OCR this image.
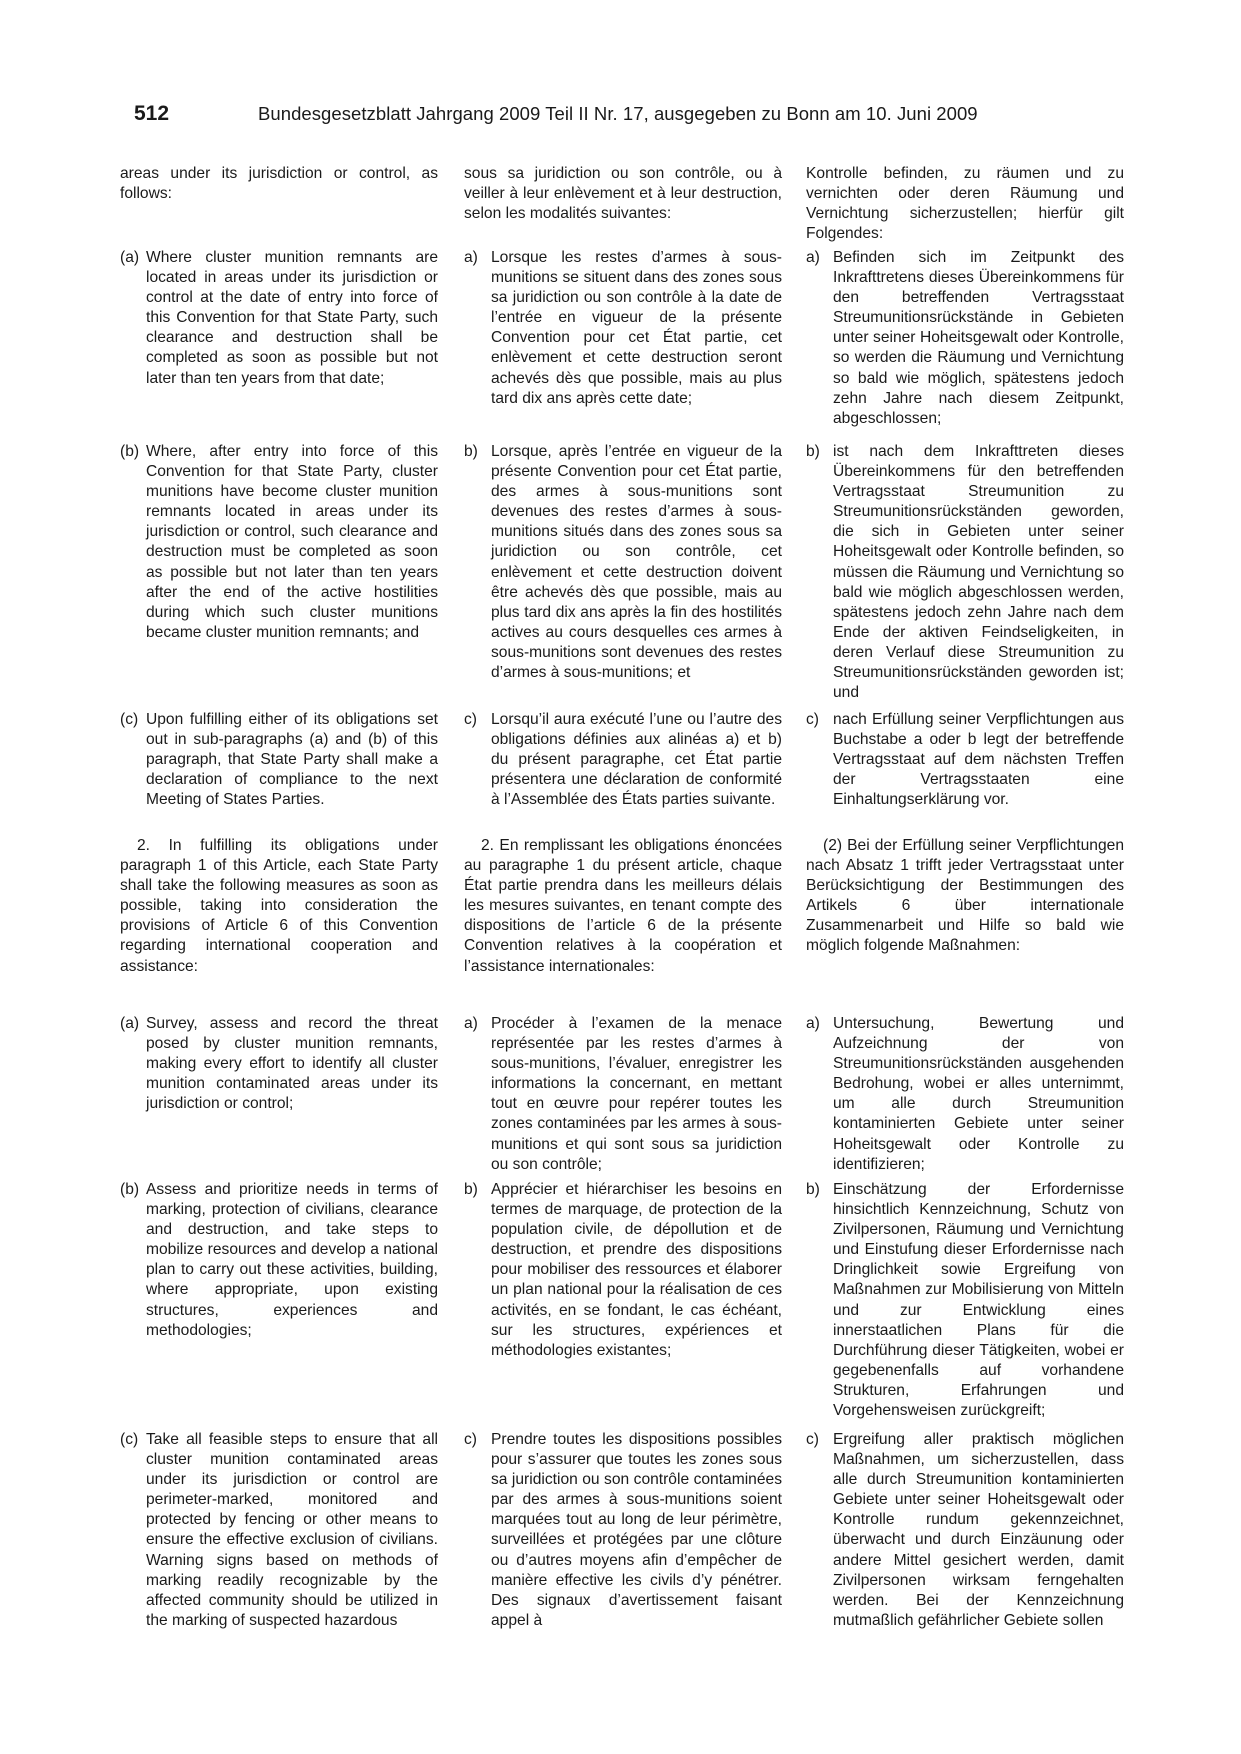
512	Bundesgesetzblatt Jahrgang 2009 Teil II Nr. 17, ausgegeben zu Bonn am 10. Juni 2009
areas under its jurisdiction or control, as follows:
(a) Where cluster munition remnants are located in areas under its jurisdiction or control at the date of entry into force of this Convention for that State Party, such clearance and destruction shall be completed as soon as possible but not later than ten years from that date;
(b) Where, after entry into force of this Convention for that State Party, cluster munitions have become cluster munition remnants located in areas under its jurisdiction or control, such clearance and destruction must be completed as soon as possible but not later than ten years after the end of the active hostilities during which such cluster munitions became cluster munition remnants; and
(c) Upon fulfilling either of its obligations set out in sub-paragraphs (a) and (b) of this paragraph, that State Party shall make a declaration of compliance to the next Meeting of States Parties.
2. In fulfilling its obligations under paragraph 1 of this Article, each State Party shall take the following measures as soon as possible, taking into consideration the provisions of Article 6 of this Convention regarding international cooperation and assistance:
(a) Survey, assess and record the threat posed by cluster munition remnants, making every effort to identify all cluster munition contaminated areas under its jurisdiction or control;
(b) Assess and prioritize needs in terms of marking, protection of civilians, clearance and destruction, and take steps to mobilize resources and develop a national plan to carry out these activities, building, where appropriate, upon existing structures, experiences and methodologies;
(c) Take all feasible steps to ensure that all cluster munition contaminated areas under its jurisdiction or control are perimeter-marked, monitored and protected by fencing or other means to ensure the effective exclusion of civilians. Warning signs based on methods of marking readily recognizable by the affected community should be utilized in the marking of suspected hazardous
sous sa juridiction ou son contrôle, ou à veiller à leur enlèvement et à leur destruction, selon les modalités suivantes:
a) Lorsque les restes d’armes à sous-munitions se situent dans des zones sous sa juridiction ou son contrôle à la date de l’entrée en vigueur de la présente Convention pour cet État partie, cet enlèvement et cette destruction seront achevés dès que possible, mais au plus tard dix ans après cette date;
b) Lorsque, après l’entrée en vigueur de la présente Convention pour cet État partie, des armes à sous-munitions sont devenues des restes d’armes à sous-munitions situés dans des zones sous sa juridiction ou son contrôle, cet enlèvement et cette destruction doivent être achevés dès que possible, mais au plus tard dix ans après la fin des hostilités actives au cours desquelles ces armes à sous-munitions sont devenues des restes d’armes à sous-munitions; et
c) Lorsqu’il aura exécuté l’une ou l’autre des obligations définies aux alinéas a) et b) du présent paragraphe, cet État partie présentera une déclaration de conformité à l’Assemblée des États parties suivante.
2. En remplissant les obligations énoncées au paragraphe 1 du présent article, chaque État partie prendra dans les meilleurs délais les mesures suivantes, en tenant compte des dispositions de l’article 6 de la présente Convention relatives à la coopération et l’assistance internationales:
a) Procéder à l’examen de la menace représentée par les restes d’armes à sous-munitions, l’évaluer, enregistrer les informations la concernant, en mettant tout en œuvre pour repérer toutes les zones contaminées par les armes à sous-munitions et qui sont sous sa juridiction ou son contrôle;
b) Apprécier et hiérarchiser les besoins en termes de marquage, de protection de la population civile, de dépollution et de destruction, et prendre des dispositions pour mobiliser des ressources et élaborer un plan national pour la réalisation de ces activités, en se fondant, le cas échéant, sur les structures, expériences et méthodologies existantes;
c) Prendre toutes les dispositions possibles pour s’assurer que toutes les zones sous sa juridiction ou son contrôle contaminées par des armes à sous-munitions soient marquées tout au long de leur périmètre, surveillées et protégées par une clôture ou d’autres moyens afin d’empêcher de manière effective les civils d’y pénétrer. Des signaux d’avertissement faisant appel à
Kontrolle befinden, zu räumen und zu vernichten oder deren Räumung und Vernichtung sicherzustellen; hierfür gilt Folgendes:
a) Befinden sich im Zeitpunkt des Inkrafttretens dieses Übereinkommens für den betreffenden Vertragsstaat Streumunitionsrückstände in Gebieten unter seiner Hoheitsgewalt oder Kontrolle, so werden die Räumung und Vernichtung so bald wie möglich, spätestens jedoch zehn Jahre nach diesem Zeitpunkt, abgeschlossen;
b) ist nach dem Inkrafttreten dieses Übereinkommens für den betreffenden Vertragsstaat Streumunition zu Streumunitionsrückständen geworden, die sich in Gebieten unter seiner Hoheitsgewalt oder Kontrolle befinden, so müssen die Räumung und Vernichtung so bald wie möglich abgeschlossen werden, spätestens jedoch zehn Jahre nach dem Ende der aktiven Feindseligkeiten, in deren Verlauf diese Streumunition zu Streumunitionsrückständen geworden ist; und
c) nach Erfüllung seiner Verpflichtungen aus Buchstabe a oder b legt der betreffende Vertragsstaat auf dem nächsten Treffen der Vertragsstaaten eine Einhaltungserklärung vor.
(2) Bei der Erfüllung seiner Verpflichtungen nach Absatz 1 trifft jeder Vertragsstaat unter Berücksichtigung der Bestimmungen des Artikels 6 über internationale Zusammenarbeit und Hilfe so bald wie möglich folgende Maßnahmen:
a) Untersuchung, Bewertung und Aufzeichnung der von Streumunitionsrückständen ausgehenden Bedrohung, wobei er alles unternimmt, um alle durch Streumunition kontaminierten Gebiete unter seiner Hoheitsgewalt oder Kontrolle zu identifizieren;
b) Einschätzung der Erfordernisse hinsichtlich Kennzeichnung, Schutz von Zivilpersonen, Räumung und Vernichtung und Einstufung dieser Erfordernisse nach Dringlichkeit sowie Ergreifung von Maßnahmen zur Mobilisierung von Mitteln und zur Entwicklung eines innerstaatlichen Plans für die Durchführung dieser Tätigkeiten, wobei er gegebenenfalls auf vorhandene Strukturen, Erfahrungen und Vorgehensweisen zurückgreift;
c) Ergreifung aller praktisch möglichen Maßnahmen, um sicherzustellen, dass alle durch Streumunition kontaminierten Gebiete unter seiner Hoheitsgewalt oder Kontrolle rundum gekennzeichnet, überwacht und durch Einzäunung oder andere Mittel gesichert werden, damit Zivilpersonen wirksam ferngehalten werden. Bei der Kennzeichnung mutmaßlich gefährlicher Gebiete sollen
